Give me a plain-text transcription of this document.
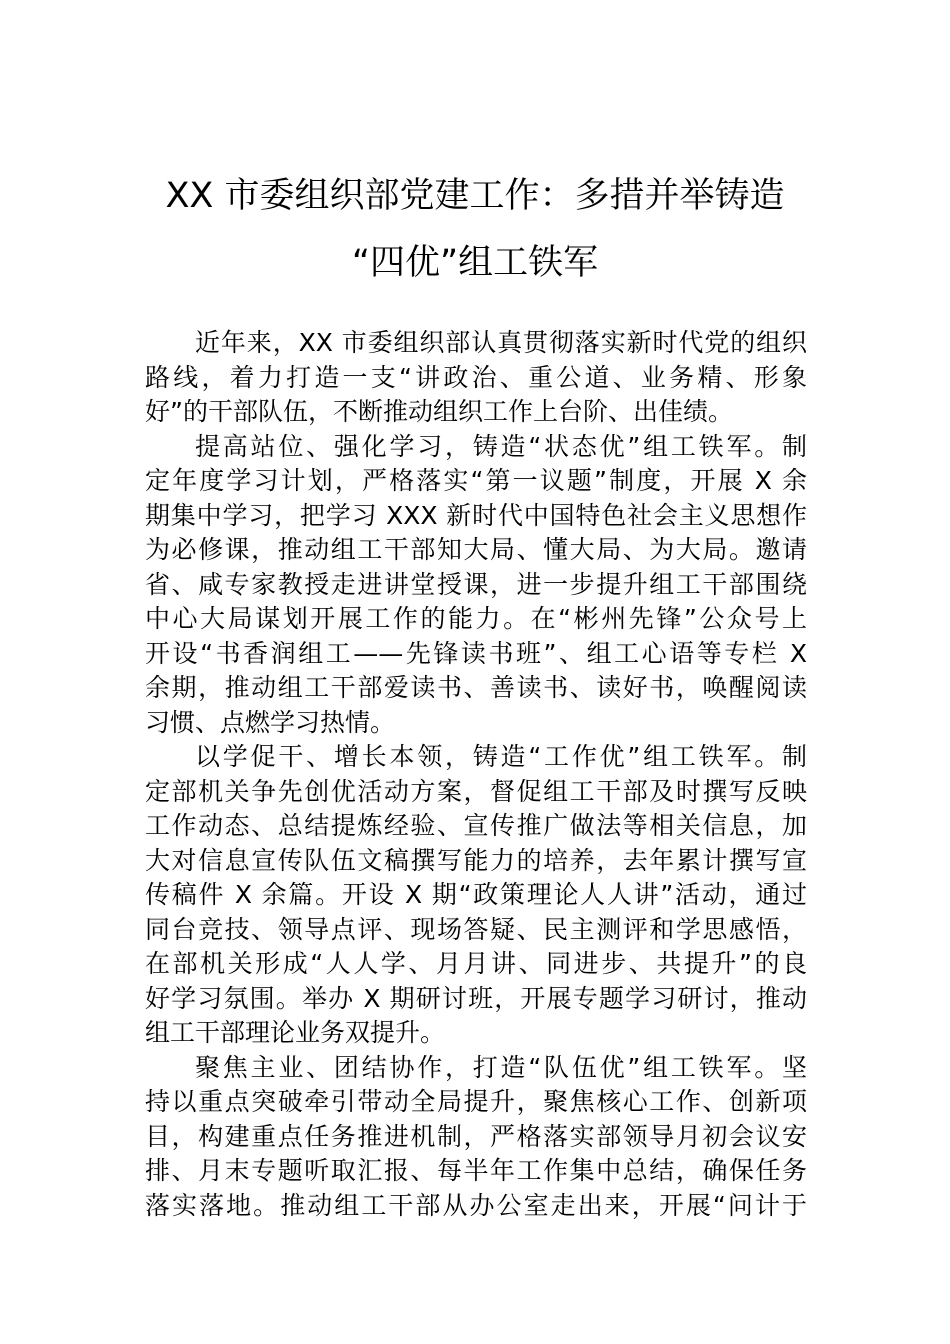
XX 市委组织部党建工作：多措并举铸造
“四优”组工铁军
近年来，XX 市委组织部认真贯彻落实新时代党的组织
路线，着力打造一支“讲政治、重公道、业务精、形象
好”的干部队伍，不断推动组织工作上台阶、出佳绩。
提高站位、强化学习，铸造“状态优”组工铁军。制
定年度学习计划，严格落实“第一议题”制度，开展 X 余
期集中学习，把学习 XXX 新时代中国特色社会主义思想作
为必修课，推动组工干部知大局、懂大局、为大局。邀请
省、咸专家教授走进讲堂授课，进一步提升组工干部围绕
中心大局谋划开展工作的能力。在“彬州先锋”公众号上
开设“书香润组工——先锋读书班”、组工心语等专栏 X
余期，推动组工干部爱读书、善读书、读好书，唤醒阅读
习惯、点燃学习热情。
以学促干、增长本领，铸造“工作优”组工铁军。制
定部机关争先创优活动方案，督促组工干部及时撰写反映
工作动态、总结提炼经验、宣传推广做法等相关信息，加
大对信息宣传队伍文稿撰写能力的培养，去年累计撰写宣
传稿件 X 余篇。开设 X 期“政策理论人人讲”活动，通过
同台竞技、领导点评、现场答疑、民主测评和学思感悟，
在部机关形成“人人学、月月讲、同进步、共提升”的良
好学习氛围。举办 X 期研讨班，开展专题学习研讨，推动
组工干部理论业务双提升。
聚焦主业、团结协作，打造“队伍优”组工铁军。坚
持以重点突破牵引带动全局提升，聚焦核心工作、创新项
目，构建重点任务推进机制，严格落实部领导月初会议安
排、月末专题听取汇报、每半年工作集中总结，确保任务
落实落地。推动组工干部从办公室走出来，开展“问计于
